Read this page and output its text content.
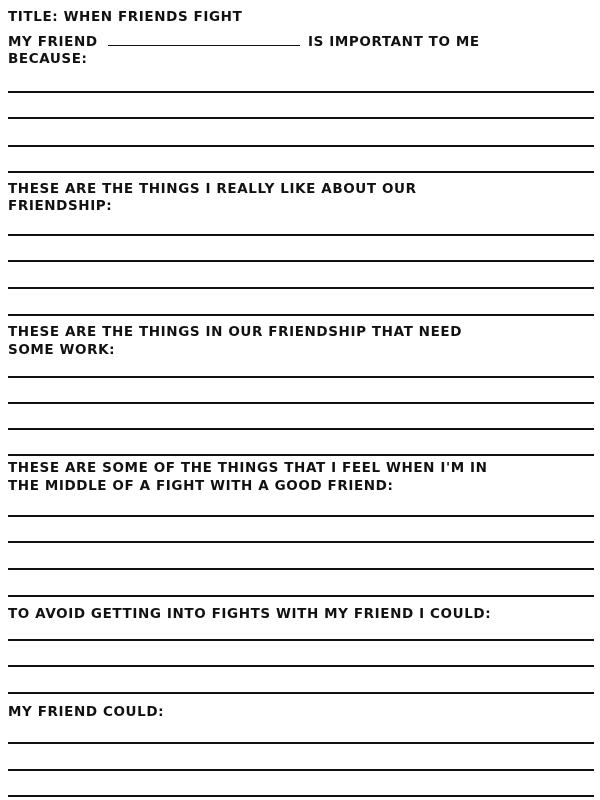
TITLE: WHEN FRIENDS FIGHT
MY FRIEND	IS IMPORTANT TO ME
BECAUSE:
THESE ARE THE THINGS I REALLY LIKE ABOUT OUR
FRIENDSHIP:
THESE ARE THE THINGS IN OUR FRIENDSHIP THAT NEED
SOME WORK:
THESE ARE SOME OF THE THINGS THAT I FEEL WHEN I'M IN
THE MIDDLE OF A FIGHT WITH A GOOD FRIEND:
TO AVOID GETTING INTO FIGHTS WITH MY FRIEND I COULD:
MY FRIEND COULD:
